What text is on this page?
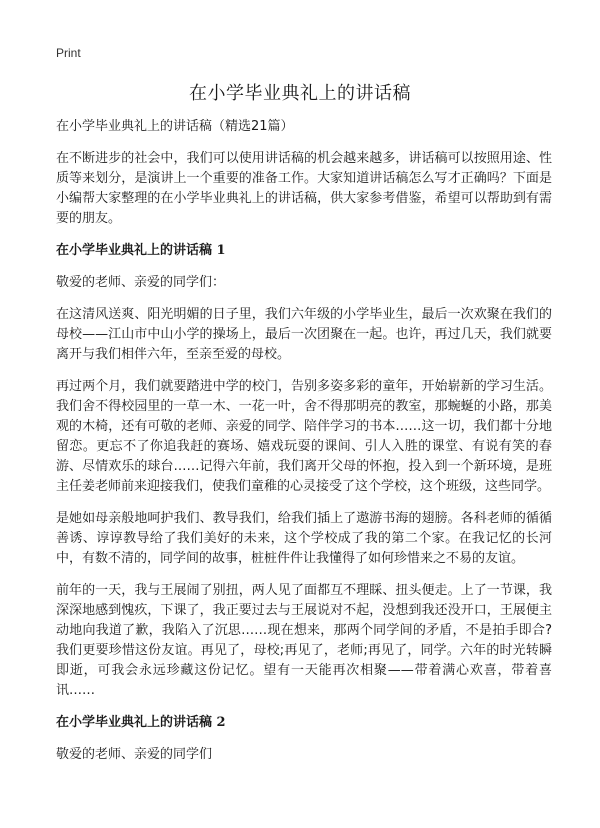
Print
在小学毕业典礼上的讲话稿

在小学毕业典礼上的讲话稿（精选21篇）

在不断进步的社会中，我们可以使用讲话稿的机会越来越多，讲话稿可以按照用途、性质等来划分，是演讲上一个重要的准备工作。大家知道讲话稿怎么写才正确吗？下面是小编帮大家整理的在小学毕业典礼上的讲话稿，供大家参考借鉴，希望可以帮助到有需要的朋友。

在小学毕业典礼上的讲话稿 1

敬爱的老师、亲爱的同学们：

在这清风送爽、阳光明媚的日子里，我们六年级的小学毕业生，最后一次欢聚在我们的母校——江山市中山小学的操场上，最后一次团聚在一起。也许，再过几天，我们就要离开与我们相伴六年，至亲至爱的母校。

再过两个月，我们就要踏进中学的校门，告别多姿多彩的童年，开始崭新的学习生活。我们舍不得校园里的一草一木、一花一叶，舍不得那明亮的教室，那蜿蜒的小路，那美观的木椅，还有可敬的老师、亲爱的同学、陪伴学习的书本……这一切，我们都十分地留恋。更忘不了你追我赶的赛场、嬉戏玩耍的课间、引人入胜的课堂、有说有笑的春游、尽情欢乐的球台……记得六年前，我们离开父母的怀抱，投入到一个新环境，是班主任姜老师前来迎接我们，使我们童稚的心灵接受了这个学校，这个班级，这些同学。

是她如母亲般地呵护我们、教导我们，给我们插上了遨游书海的翅膀。各科老师的循循善诱、谆谆教导给了我们美好的未来，这个学校成了我的第二个家。在我记忆的长河中，有数不清的，同学间的故事，桩桩件件让我懂得了如何珍惜来之不易的友谊。

前年的一天，我与王展闹了别扭，两人见了面都互不理睬、扭头便走。上了一节课，我深深地感到愧疚，下课了，我正要过去与王展说对不起，没想到我还没开口，王展便主动地向我道了歉，我陷入了沉思……现在想来，那两个同学间的矛盾，不是拍手即合?我们更要珍惜这份友谊。再见了，母校;再见了，老师;再见了，同学。六年的时光转瞬即逝，可我会永远珍藏这份记忆。望有一天能再次相聚——带着满心欢喜，带着喜讯……

在小学毕业典礼上的讲话稿 2

敬爱的老师、亲爱的同学们
